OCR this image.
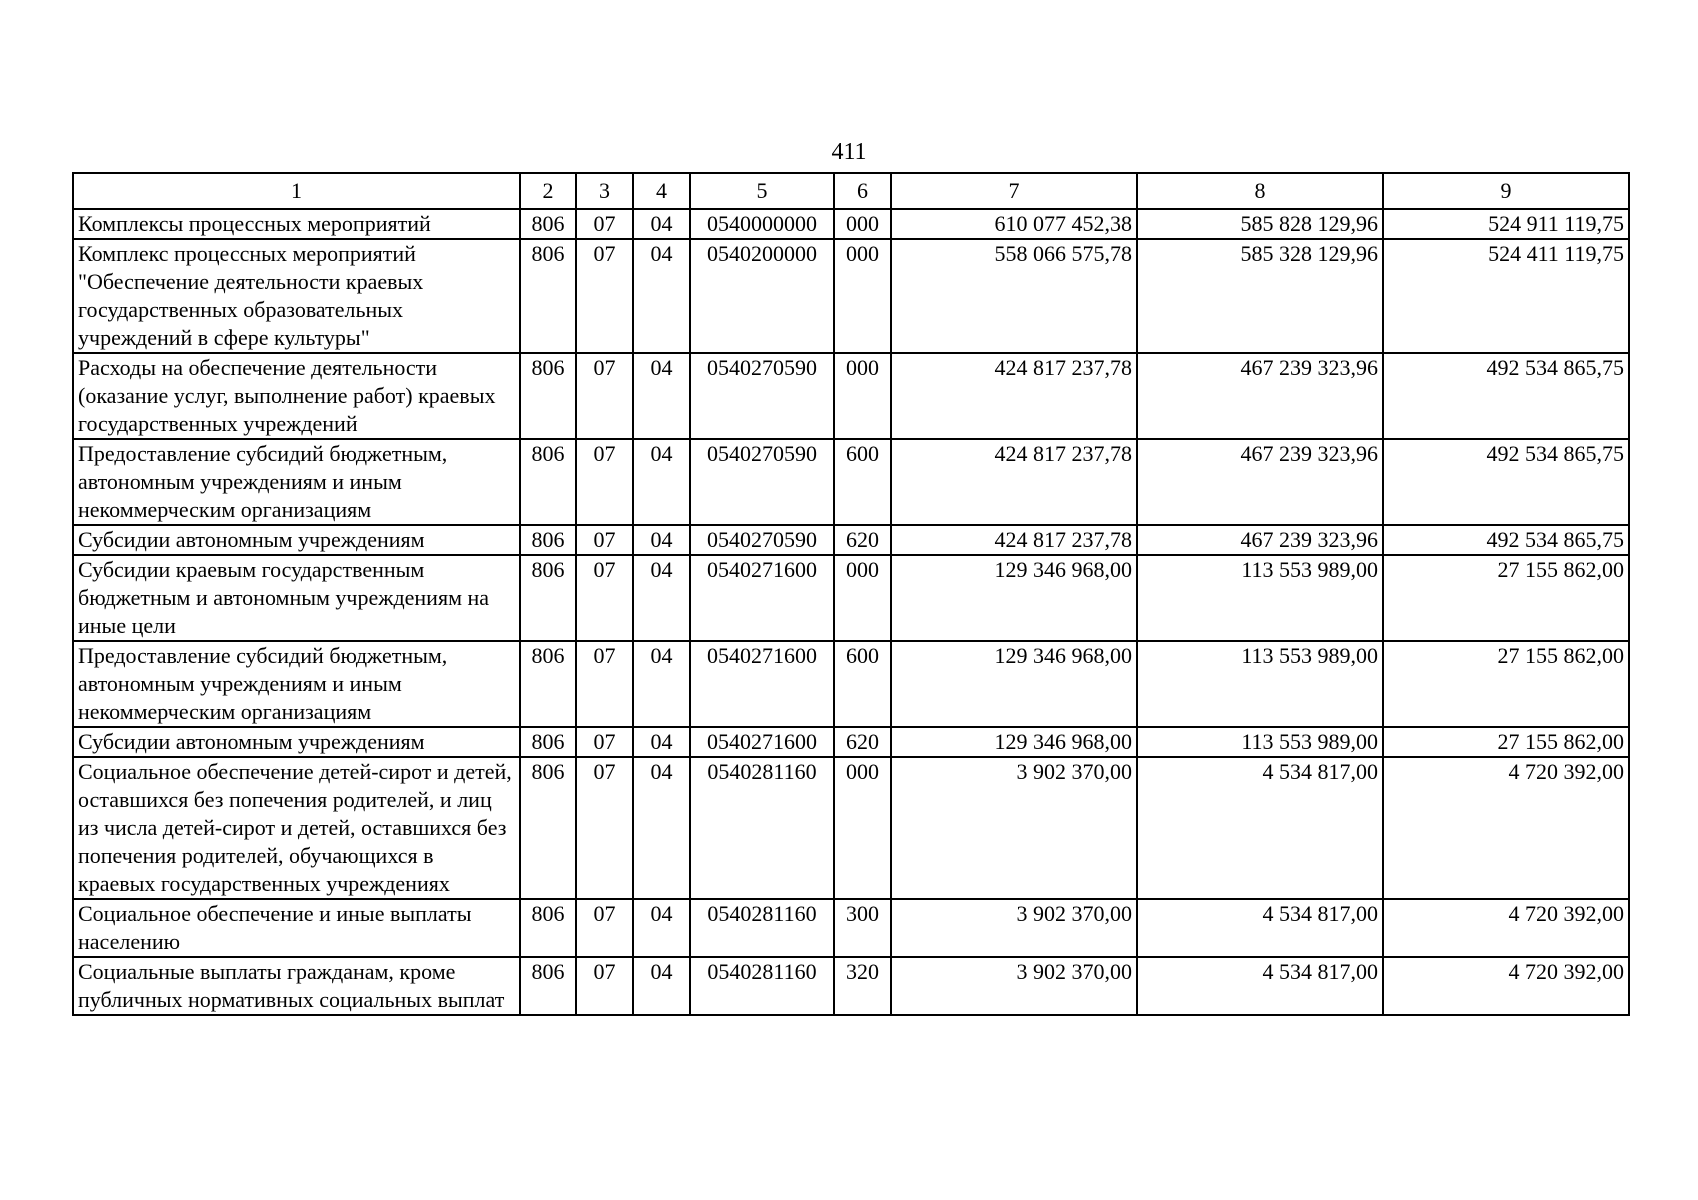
411
1	2	3	4	5	6	7	8	9
Комплексы процессных мероприятий	806	07	04	0540000000	000	610 077 452,38	585 828 129,96	524 911 119,75
Комплекс процессных мероприятий "Обеспечение деятельности краевых государственных образовательных учреждений в сфере культуры"	806	07	04	0540200000	000	558 066 575,78	585 328 129,96	524 411 119,75
Расходы на обеспечение деятельности (оказание услуг, выполнение работ) краевых государственных учреждений	806	07	04	0540270590	000	424 817 237,78	467 239 323,96	492 534 865,75
Предоставление субсидий бюджетным, автономным учреждениям и иным некоммерческим организациям	806	07	04	0540270590	600	424 817 237,78	467 239 323,96	492 534 865,75
Субсидии автономным учреждениям	806	07	04	0540270590	620	424 817 237,78	467 239 323,96	492 534 865,75
Субсидии краевым государственным бюджетным и автономным учреждениям на иные цели	806	07	04	0540271600	000	129 346 968,00	113 553 989,00	27 155 862,00
Предоставление субсидий бюджетным, автономным учреждениям и иным некоммерческим организациям	806	07	04	0540271600	600	129 346 968,00	113 553 989,00	27 155 862,00
Субсидии автономным учреждениям	806	07	04	0540271600	620	129 346 968,00	113 553 989,00	27 155 862,00
Социальное обеспечение детей-сирот и детей, оставшихся без попечения родителей, и лиц из числа детей-сирот и детей, оставшихся без попечения родителей, обучающихся в краевых государственных учреждениях	806	07	04	0540281160	000	3 902 370,00	4 534 817,00	4 720 392,00
Социальное обеспечение и иные выплаты населению	806	07	04	0540281160	300	3 902 370,00	4 534 817,00	4 720 392,00
Социальные выплаты гражданам, кроме публичных нормативных социальных выплат	806	07	04	0540281160	320	3 902 370,00	4 534 817,00	4 720 392,00
